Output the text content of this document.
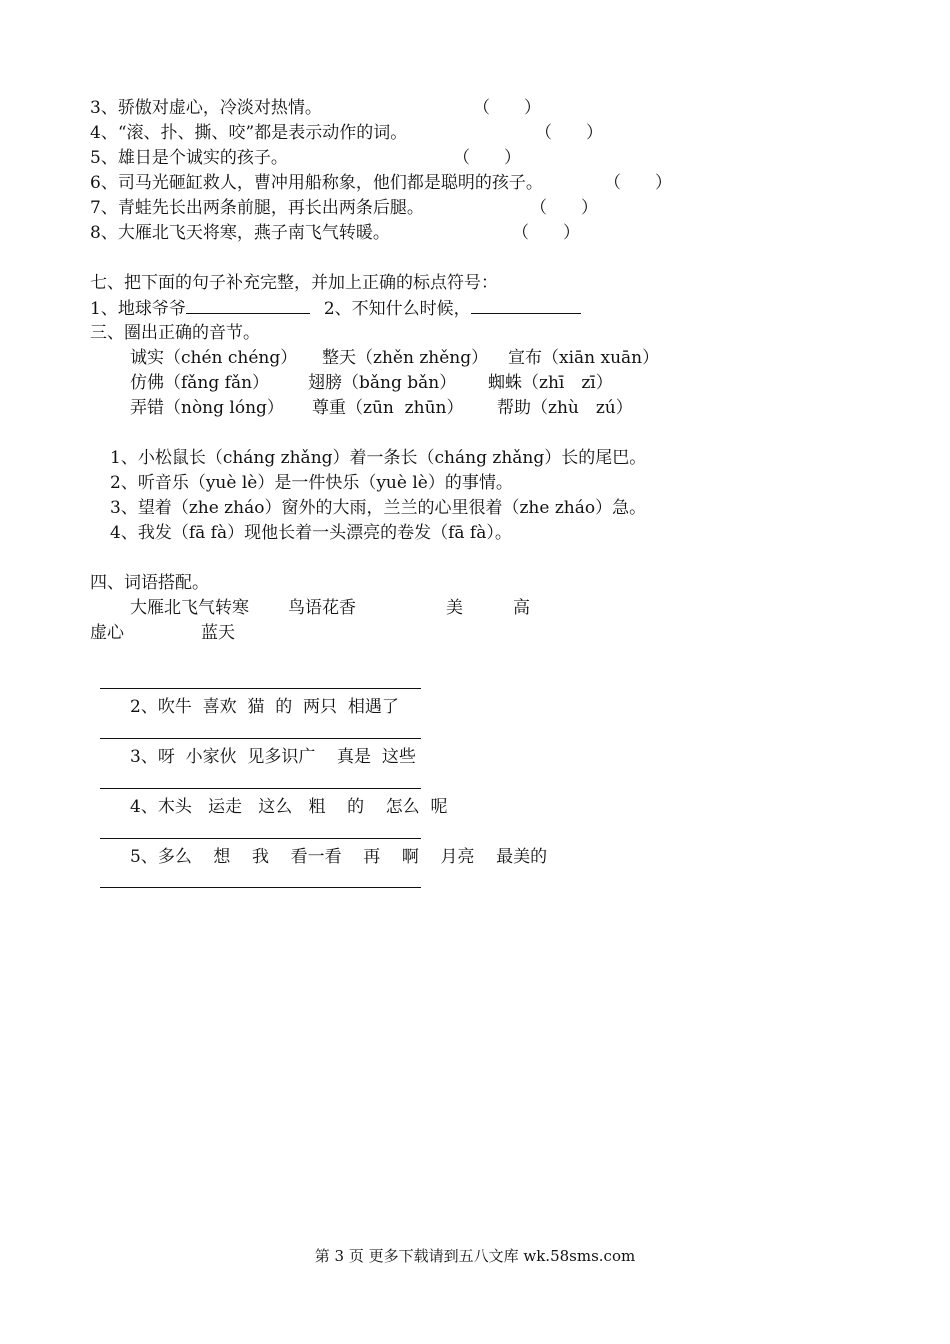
3、骄傲对虚心，冷淡对热情。	（　　）
4、“滚、扑、撕、咬”都是表示动作的词。	（　　）
5、雄日是个诚实的孩子。	（　　）
6、司马光砸缸救人，曹冲用船称象，他们都是聪明的孩子。	（　　）
7、青蛙先长出两条前腿，再长出两条后腿。	（　　）
8、大雁北飞天将寒，燕子南飞气转暖。	（　　）
七、把下面的句子补充完整，并加上正确的标点符号：
1、地球爷爷	2、不知什么时候，
三、圈出正确的音节。
诚实（chén chéng） 整天（zhěn zhěng） 宣布（xiān xuān）
仿佛（fǎng fǎn） 翅膀（bǎng bǎn） 蜘蛛（zhī　zī）
弄错（nòng lóng） 尊重（zūn  zhūn） 帮助（zhù　zú）
1、小松鼠长（cháng zhǎng）着一条长（cháng zhǎng）长的尾巴。
2、听音乐（yuè lè）是一件快乐（yuè lè）的事情。
3、望着（zhe zháo）窗外的大雨，兰兰的心里很着（zhe zháo）急。
4、我发（fā fà）现他长着一头漂亮的卷发（fā fà）。
四、词语搭配。
大雁北飞气转寒 鸟语花香	美	高
虚心	蓝天
2、吹牛  喜欢  猫  的  两只  相遇了
3、呀  小家伙  见多识广    真是  这些
4、木头   运走   这么   粗    的    怎么  呢
5、多么    想    我    看一看    再    啊    月亮    最美的
第 3 页 更多下载请到五八文库 wk.58sms.com
